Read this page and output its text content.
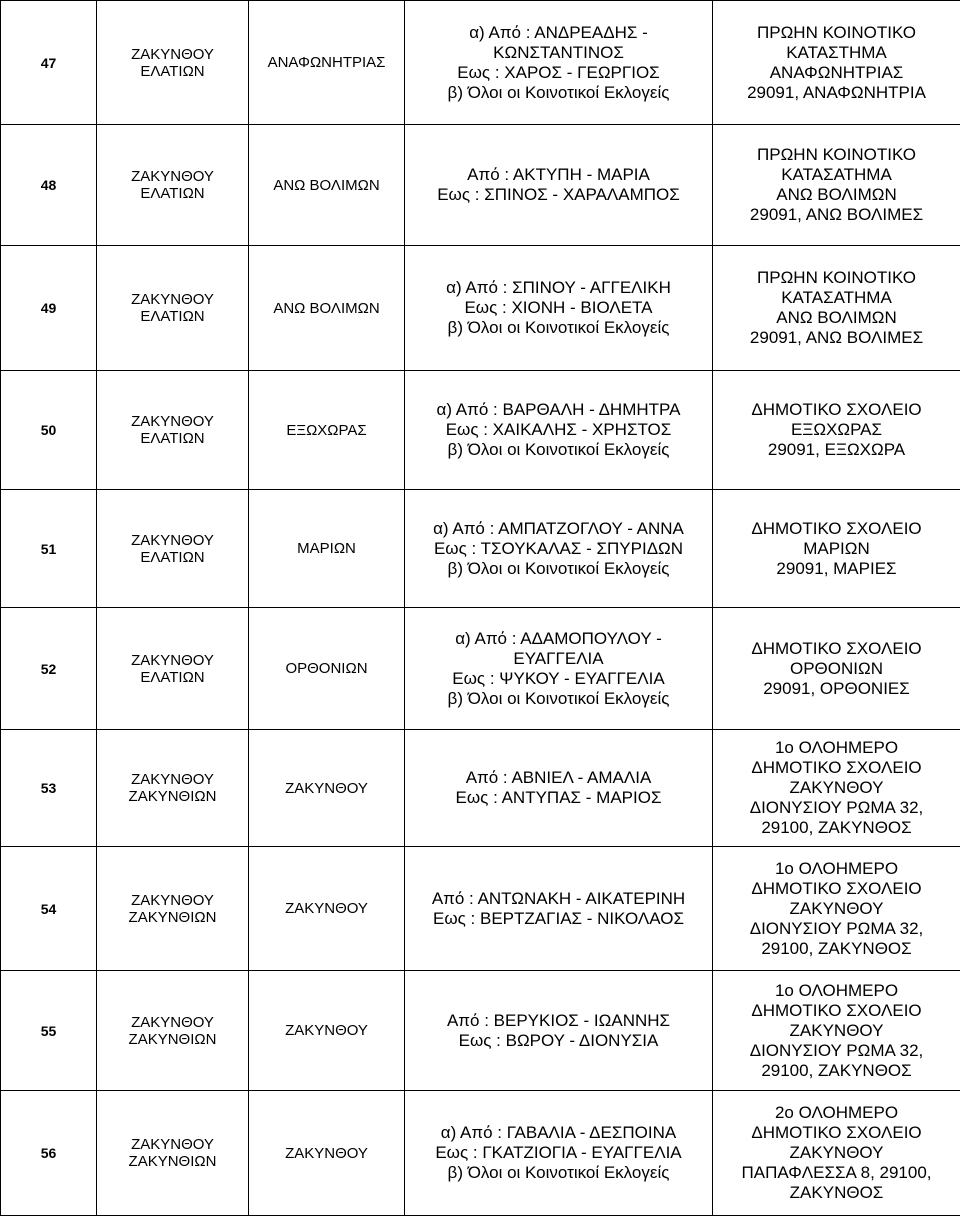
47	ΖΑΚΥΝΘΟΥ
ΕΛΑΤΙΩΝ	ΑΝΑΦΩΝΗΤΡΙΑΣ	α) Από : ΑΝΔΡΕΑΔΗΣ -
ΚΩΝΣΤΑΝΤΙΝΟΣ
Εως : ΧΑΡΟΣ - ΓΕΩΡΓΙΟΣ
β) Όλοι οι Κοινοτικοί Εκλογείς	ΠΡΩΗΝ ΚΟΙΝΟΤΙΚΟ
ΚΑΤΑΣΤΗΜΑ
ΑΝΑΦΩΝΗΤΡΙΑΣ
29091, ΑΝΑΦΩΝΗΤΡΙΑ

48	ΖΑΚΥΝΘΟΥ
ΕΛΑΤΙΩΝ	ΑΝΩ ΒΟΛΙΜΩΝ	Από : ΑΚΤΥΠΗ - ΜΑΡΙΑ
Εως : ΣΠΙΝΟΣ - ΧΑΡΑΛΑΜΠΟΣ	ΠΡΩΗΝ ΚΟΙΝΟΤΙΚΟ
ΚΑΤΑΣΑΤΗΜΑ
ΑΝΩ ΒΟΛΙΜΩΝ
29091, ΑΝΩ ΒΟΛΙΜΕΣ

49	ΖΑΚΥΝΘΟΥ
ΕΛΑΤΙΩΝ	ΑΝΩ ΒΟΛΙΜΩΝ	α) Από : ΣΠΙΝΟΥ - ΑΓΓΕΛΙΚΗ
Εως : ΧΙΟΝΗ - ΒΙΟΛΕΤΑ
β) Όλοι οι Κοινοτικοί Εκλογείς	ΠΡΩΗΝ ΚΟΙΝΟΤΙΚΟ
ΚΑΤΑΣΑΤΗΜΑ
ΑΝΩ ΒΟΛΙΜΩΝ
29091, ΑΝΩ ΒΟΛΙΜΕΣ

50	ΖΑΚΥΝΘΟΥ
ΕΛΑΤΙΩΝ	ΕΞΩΧΩΡΑΣ	α) Από : ΒΑΡΘΑΛΗ - ΔΗΜΗΤΡΑ
Εως : ΧΑΙΚΑΛΗΣ - ΧΡΗΣΤΟΣ
β) Όλοι οι Κοινοτικοί Εκλογείς	ΔΗΜΟΤΙΚΟ ΣΧΟΛΕΙΟ
ΕΞΩΧΩΡΑΣ
29091, ΕΞΩΧΩΡΑ

51	ΖΑΚΥΝΘΟΥ
ΕΛΑΤΙΩΝ	ΜΑΡΙΩΝ	α) Από : ΑΜΠΑΤΖΟΓΛΟΥ - ΑΝΝΑ
Εως : ΤΣΟΥΚΑΛΑΣ - ΣΠΥΡΙΔΩΝ
β) Όλοι οι Κοινοτικοί Εκλογείς	ΔΗΜΟΤΙΚΟ ΣΧΟΛΕΙΟ
ΜΑΡΙΩΝ
29091, ΜΑΡΙΕΣ

52	ΖΑΚΥΝΘΟΥ
ΕΛΑΤΙΩΝ	ΟΡΘΟΝΙΩΝ	α) Από : ΑΔΑΜΟΠΟΥΛΟΥ -
ΕΥΑΓΓΕΛΙΑ
Εως : ΨΥΚΟΥ - ΕΥΑΓΓΕΛΙΑ
β) Όλοι οι Κοινοτικοί Εκλογείς	ΔΗΜΟΤΙΚΟ ΣΧΟΛΕΙΟ
ΟΡΘΟΝΙΩΝ
29091, ΟΡΘΟΝΙΕΣ

53	ΖΑΚΥΝΘΟΥ
ΖΑΚΥΝΘΙΩΝ	ΖΑΚΥΝΘΟΥ	Από : ΑΒΝΙΕΛ - ΑΜΑΛΙΑ
Εως : ΑΝΤΥΠΑΣ - ΜΑΡΙΟΣ	1ο ΟΛΟΗΜΕΡΟ
ΔΗΜΟΤΙΚΟ ΣΧΟΛΕΙΟ
ΖΑΚΥΝΘΟΥ
ΔΙΟΝΥΣΙΟΥ ΡΩΜΑ 32,
29100, ΖΑΚΥΝΘΟΣ

54	ΖΑΚΥΝΘΟΥ
ΖΑΚΥΝΘΙΩΝ	ΖΑΚΥΝΘΟΥ	Από : ΑΝΤΩΝΑΚΗ - ΑΙΚΑΤΕΡΙΝΗ
Εως : ΒΕΡΤΖΑΓΙΑΣ - ΝΙΚΟΛΑΟΣ	1ο ΟΛΟΗΜΕΡΟ
ΔΗΜΟΤΙΚΟ ΣΧΟΛΕΙΟ
ΖΑΚΥΝΘΟΥ
ΔΙΟΝΥΣΙΟΥ ΡΩΜΑ 32,
29100, ΖΑΚΥΝΘΟΣ

55	ΖΑΚΥΝΘΟΥ
ΖΑΚΥΝΘΙΩΝ	ΖΑΚΥΝΘΟΥ	Από : ΒΕΡΥΚΙΟΣ - ΙΩΑΝΝΗΣ
Εως : ΒΩΡΟΥ - ΔΙΟΝΥΣΙΑ	1ο ΟΛΟΗΜΕΡΟ
ΔΗΜΟΤΙΚΟ ΣΧΟΛΕΙΟ
ΖΑΚΥΝΘΟΥ
ΔΙΟΝΥΣΙΟΥ ΡΩΜΑ 32,
29100, ΖΑΚΥΝΘΟΣ

56	ΖΑΚΥΝΘΟΥ
ΖΑΚΥΝΘΙΩΝ	ΖΑΚΥΝΘΟΥ	α) Από : ΓΑΒΑΛΙΑ - ΔΕΣΠΟΙΝΑ
Εως : ΓΚΑΤΖΙΟΓΙΑ - ΕΥΑΓΓΕΛΙΑ
β) Όλοι οι Κοινοτικοί Εκλογείς	2ο ΟΛΟΗΜΕΡΟ
ΔΗΜΟΤΙΚΟ ΣΧΟΛΕΙΟ
ΖΑΚΥΝΘΟΥ
ΠΑΠΑΦΛΕΣΣΑ 8, 29100,
ΖΑΚΥΝΘΟΣ
